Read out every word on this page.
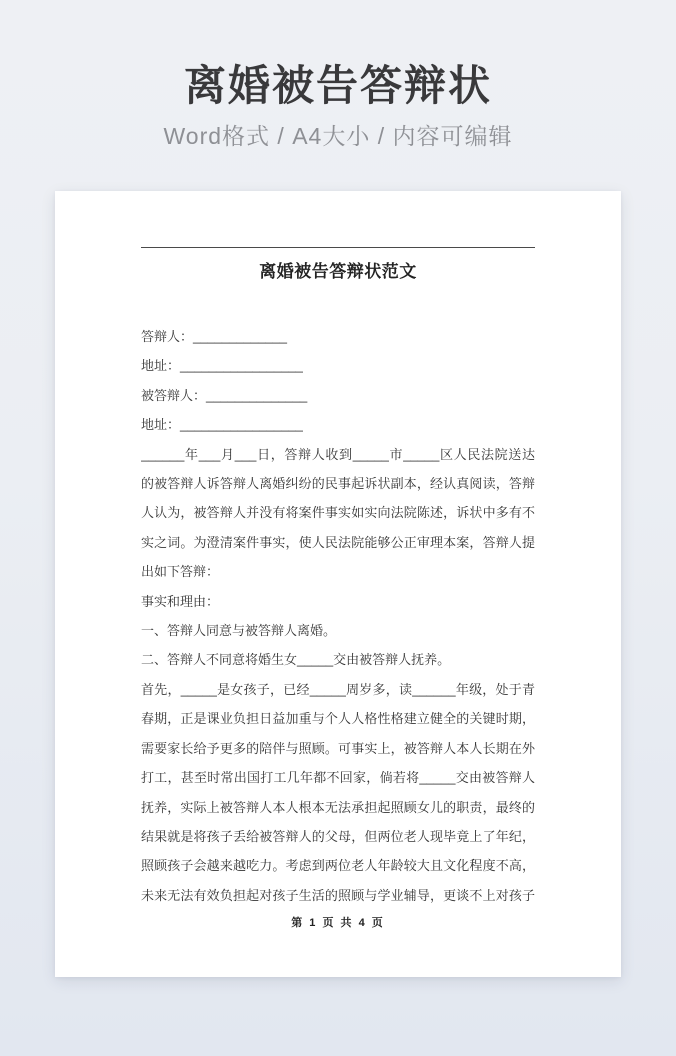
离婚被告答辩状
Word格式 / A4大小 / 内容可编辑
离婚被告答辩状范文
答辩人：_____________
地址：_________________
被答辩人：______________
地址：_________________
______年___月___日，答辩人收到_____市_____区人民法院送达
的被答辩人诉答辩人离婚纠纷的民事起诉状副本，经认真阅读，答辩
人认为，被答辩人并没有将案件事实如实向法院陈述，诉状中多有不
实之词。为澄清案件事实，使人民法院能够公正审理本案，答辩人提
出如下答辩：
事实和理由：
一、答辩人同意与被答辩人离婚。
二、答辩人不同意将婚生女_____交由被答辩人抚养。
首先，_____是女孩子，已经_____周岁多，读______年级，处于青
春期，正是课业负担日益加重与个人人格性格建立健全的关键时期，
需要家长给予更多的陪伴与照顾。可事实上，被答辩人本人长期在外
打工，甚至时常出国打工几年都不回家，倘若将_____交由被答辩人
抚养，实际上被答辩人本人根本无法承担起照顾女儿的职责，最终的
结果就是将孩子丢给被答辩人的父母，但两位老人现毕竟上了年纪，
照顾孩子会越来越吃力。考虑到两位老人年龄较大且文化程度不高，
未来无法有效负担起对孩子生活的照顾与学业辅导，更谈不上对孩子
第 1 页 共 4 页
